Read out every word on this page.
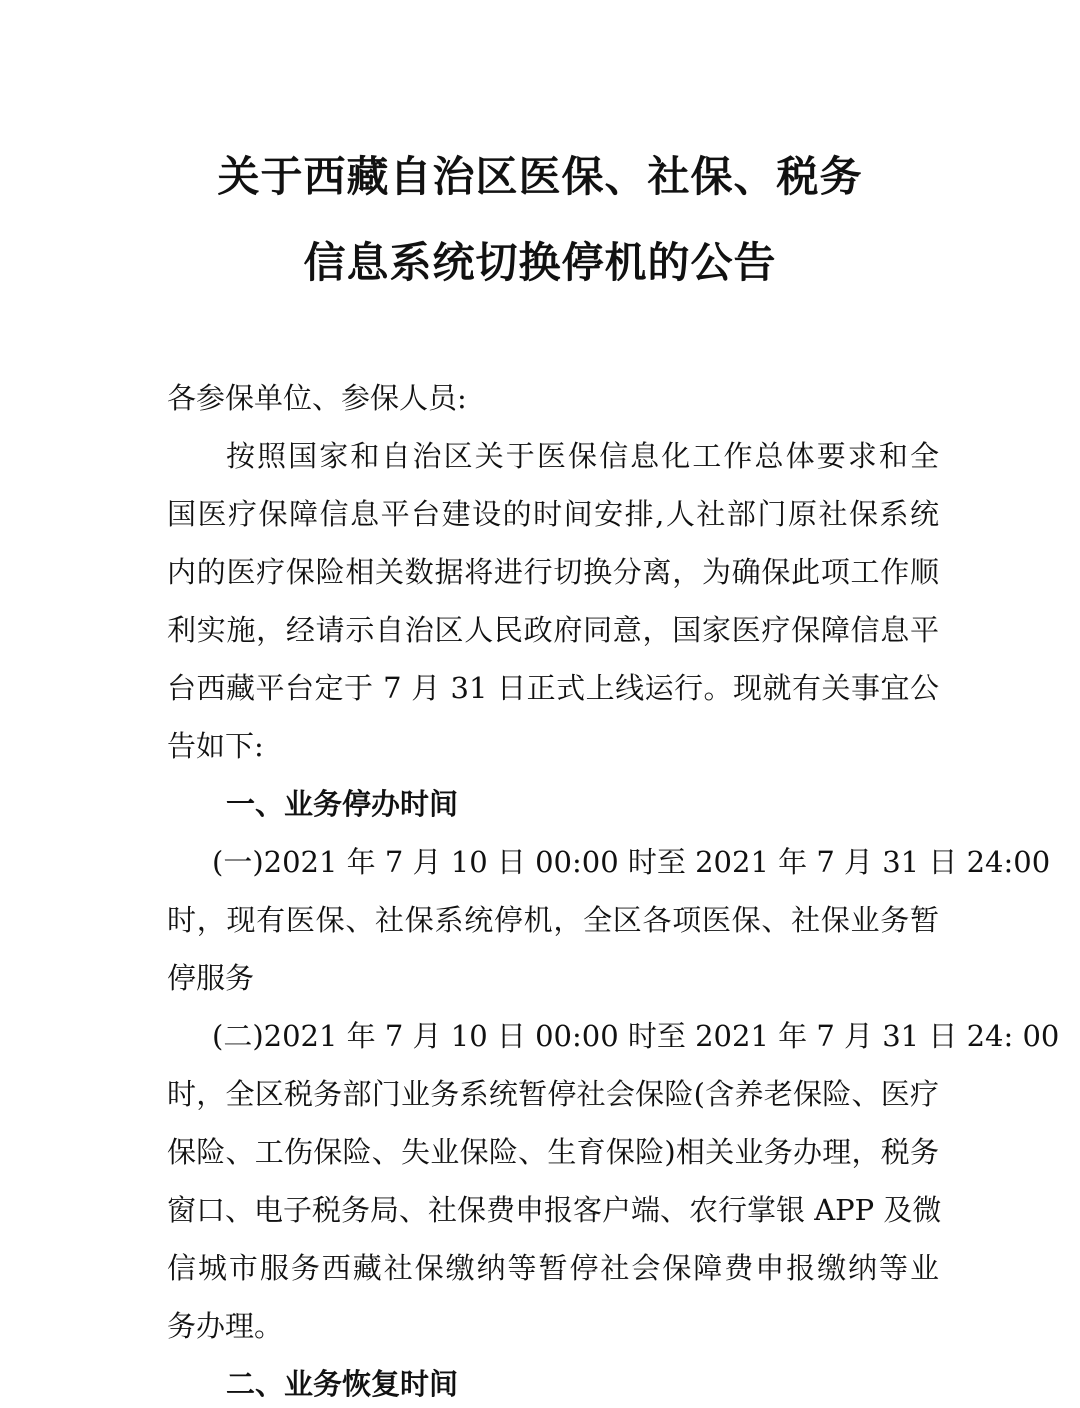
关于西藏自治区医保、社保、税务
信息系统切换停机的公告
各参保单位、参保人员:
按照国家和自治区关于医保信息化工作总体要求和全
国医疗保障信息平台建设的时间安排,人社部门原社保系统
内的医疗保险相关数据将进行切换分离，为确保此项工作顺
利实施，经请示自治区人民政府同意，国家医疗保障信息平
台西藏平台定于 7 月 31 日正式上线运行。现就有关事宜公
告如下:
一、业务停办时间
(一)2021 年 7 月 10 日 00:00 时至 2021 年 7 月 31 日 24:00
时，现有医保、社保系统停机，全区各项医保、社保业务暂
停服务
(二)2021 年 7 月 10 日 00:00 时至 2021 年 7 月 31 日 24: 00
时，全区税务部门业务系统暂停社会保险(含养老保险、医疗
保险、工伤保险、失业保险、生育保险)相关业务办理，税务
窗口、电子税务局、社保费申报客户端、农行掌银 APP 及微
信城市服务西藏社保缴纳等暂停社会保障费申报缴纳等业
务办理。
二、业务恢复时间
